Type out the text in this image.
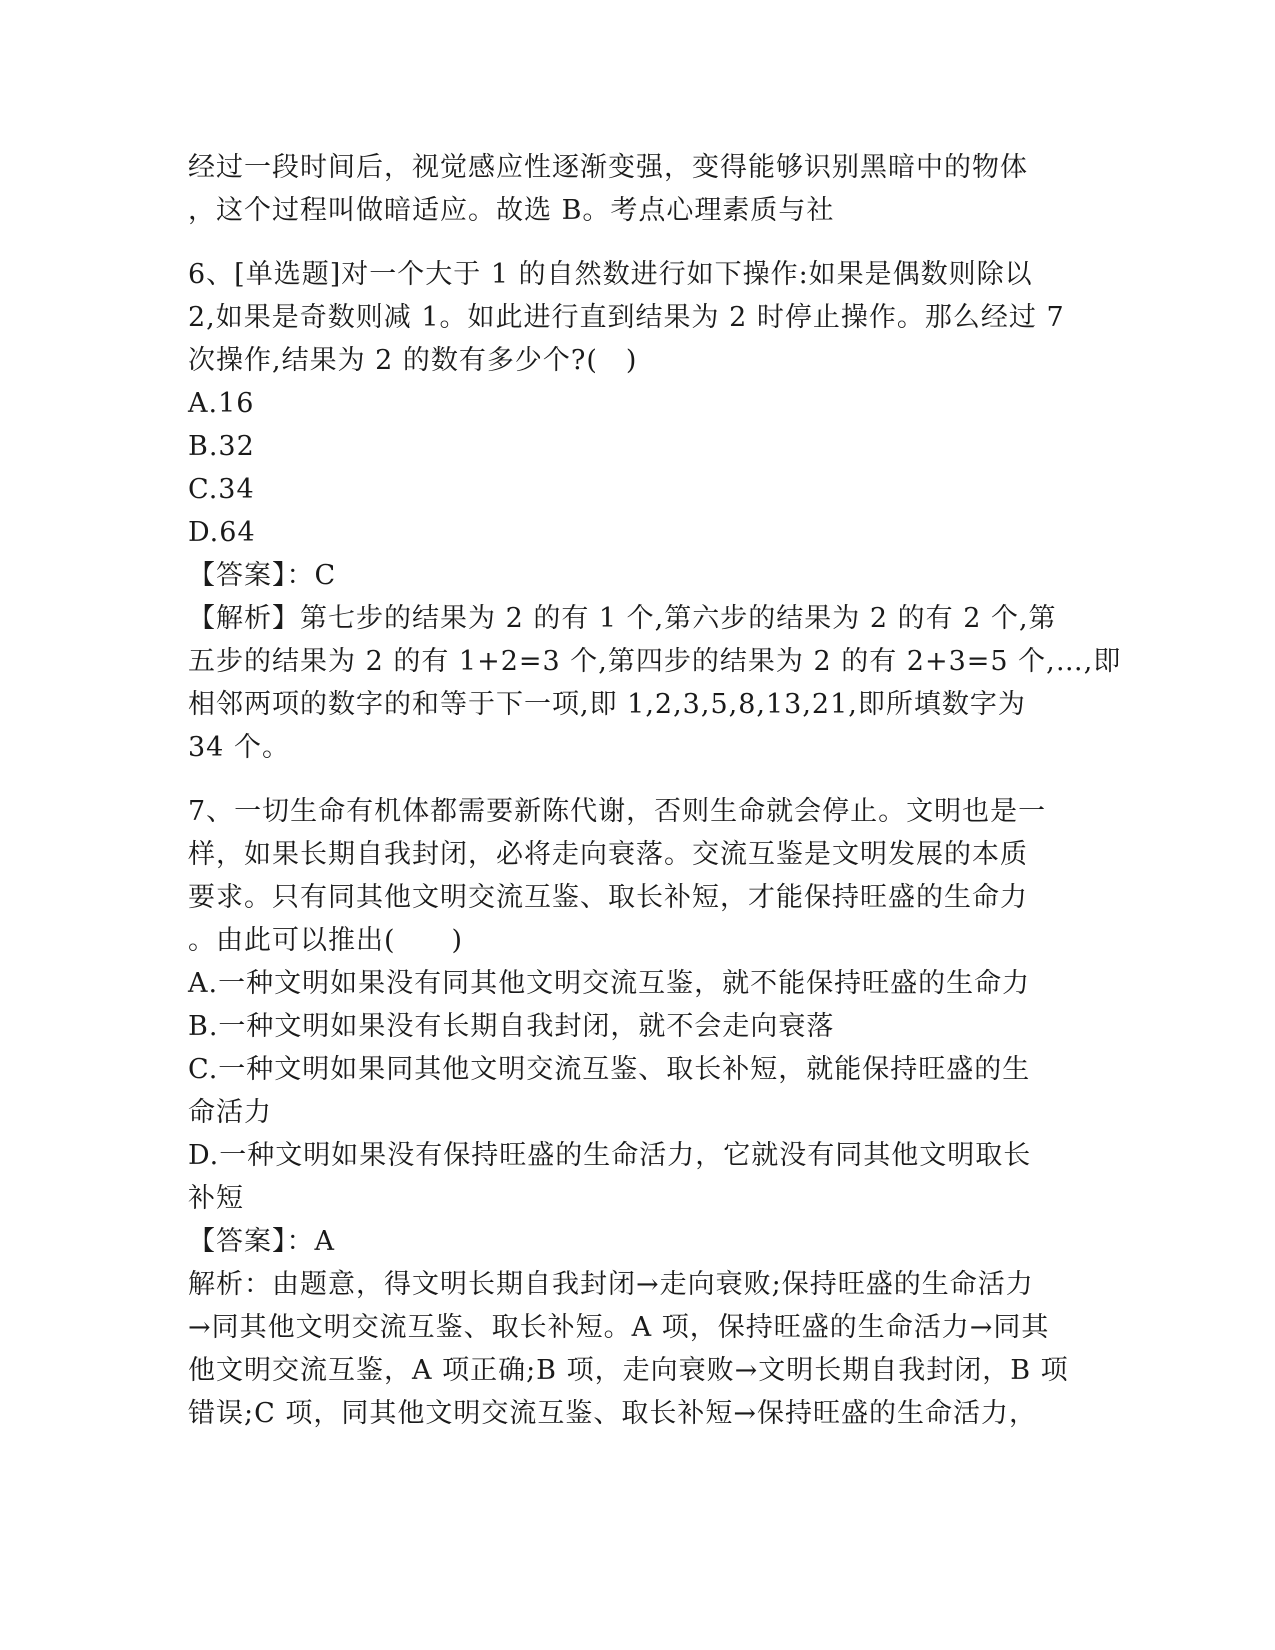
经过一段时间后，视觉感应性逐渐变强，变得能够识别黑暗中的物体
，这个过程叫做暗适应。故选 B。考点心理素质与社
6、[单选题]对一个大于 1 的自然数进行如下操作:如果是偶数则除以
2,如果是奇数则减 1。如此进行直到结果为 2 时停止操作。那么经过 7
次操作,结果为 2 的数有多少个?(　)
A.16
B.32
C.34
D.64
【答案】：C
【解析】第七步的结果为 2 的有 1 个,第六步的结果为 2 的有 2 个,第
五步的结果为 2 的有 1+2=3 个,第四步的结果为 2 的有 2+3=5 个,…,即
相邻两项的数字的和等于下一项,即 1,2,3,5,8,13,21,即所填数字为
34 个。
7、一切生命有机体都需要新陈代谢，否则生命就会停止。文明也是一
样，如果长期自我封闭，必将走向衰落。交流互鉴是文明发展的本质
要求。只有同其他文明交流互鉴、取长补短，才能保持旺盛的生命力
。由此可以推出(　　)
A.一种文明如果没有同其他文明交流互鉴，就不能保持旺盛的生命力
B.一种文明如果没有长期自我封闭，就不会走向衰落
C.一种文明如果同其他文明交流互鉴、取长补短，就能保持旺盛的生
命活力
D.一种文明如果没有保持旺盛的生命活力，它就没有同其他文明取长
补短
【答案】：A
解析：由题意，得文明长期自我封闭→走向衰败;保持旺盛的生命活力
→同其他文明交流互鉴、取长补短。A 项，保持旺盛的生命活力→同其
他文明交流互鉴，A 项正确;B 项，走向衰败→文明长期自我封闭，B 项
错误;C 项，同其他文明交流互鉴、取长补短→保持旺盛的生命活力，
